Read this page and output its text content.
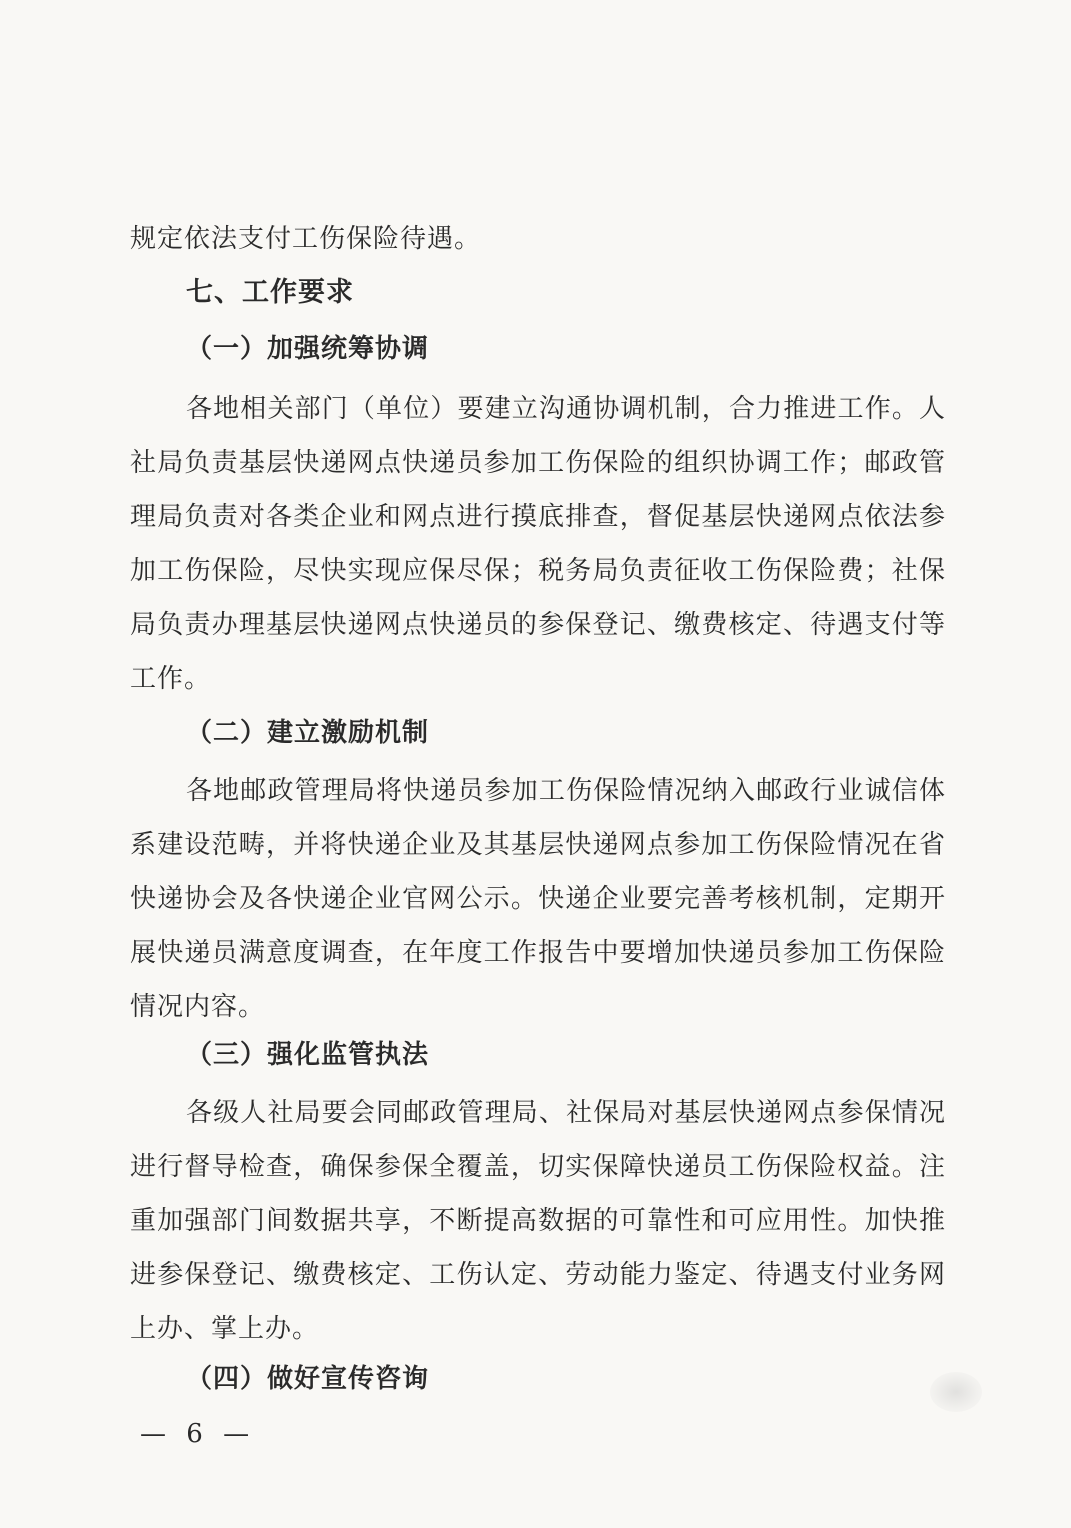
规定依法支付工伤保险待遇。

七、工作要求
（一）加强统筹协调

各地相关部门（单位）要建立沟通协调机制，合力推进工作。人社局负责基层快递网点快递员参加工伤保险的组织协调工作；邮政管理局负责对各类企业和网点进行摸底排查，督促基层快递网点依法参加工伤保险，尽快实现应保尽保；税务局负责征收工伤保险费；社保局负责办理基层快递网点快递员的参保登记、缴费核定、待遇支付等工作。

（二）建立激励机制

各地邮政管理局将快递员参加工伤保险情况纳入邮政行业诚信体系建设范畴，并将快递企业及其基层快递网点参加工伤保险情况在省快递协会及各快递企业官网公示。快递企业要完善考核机制，定期开展快递员满意度调查，在年度工作报告中要增加快递员参加工伤保险情况内容。

（三）强化监管执法

各级人社局要会同邮政管理局、社保局对基层快递网点参保情况进行督导检查，确保参保全覆盖，切实保障快递员工伤保险权益。注重加强部门间数据共享，不断提高数据的可靠性和可应用性。加快推进参保登记、缴费核定、工伤认定、劳动能力鉴定、待遇支付业务网上办、掌上办。

（四）做好宣传咨询
— 6 —
